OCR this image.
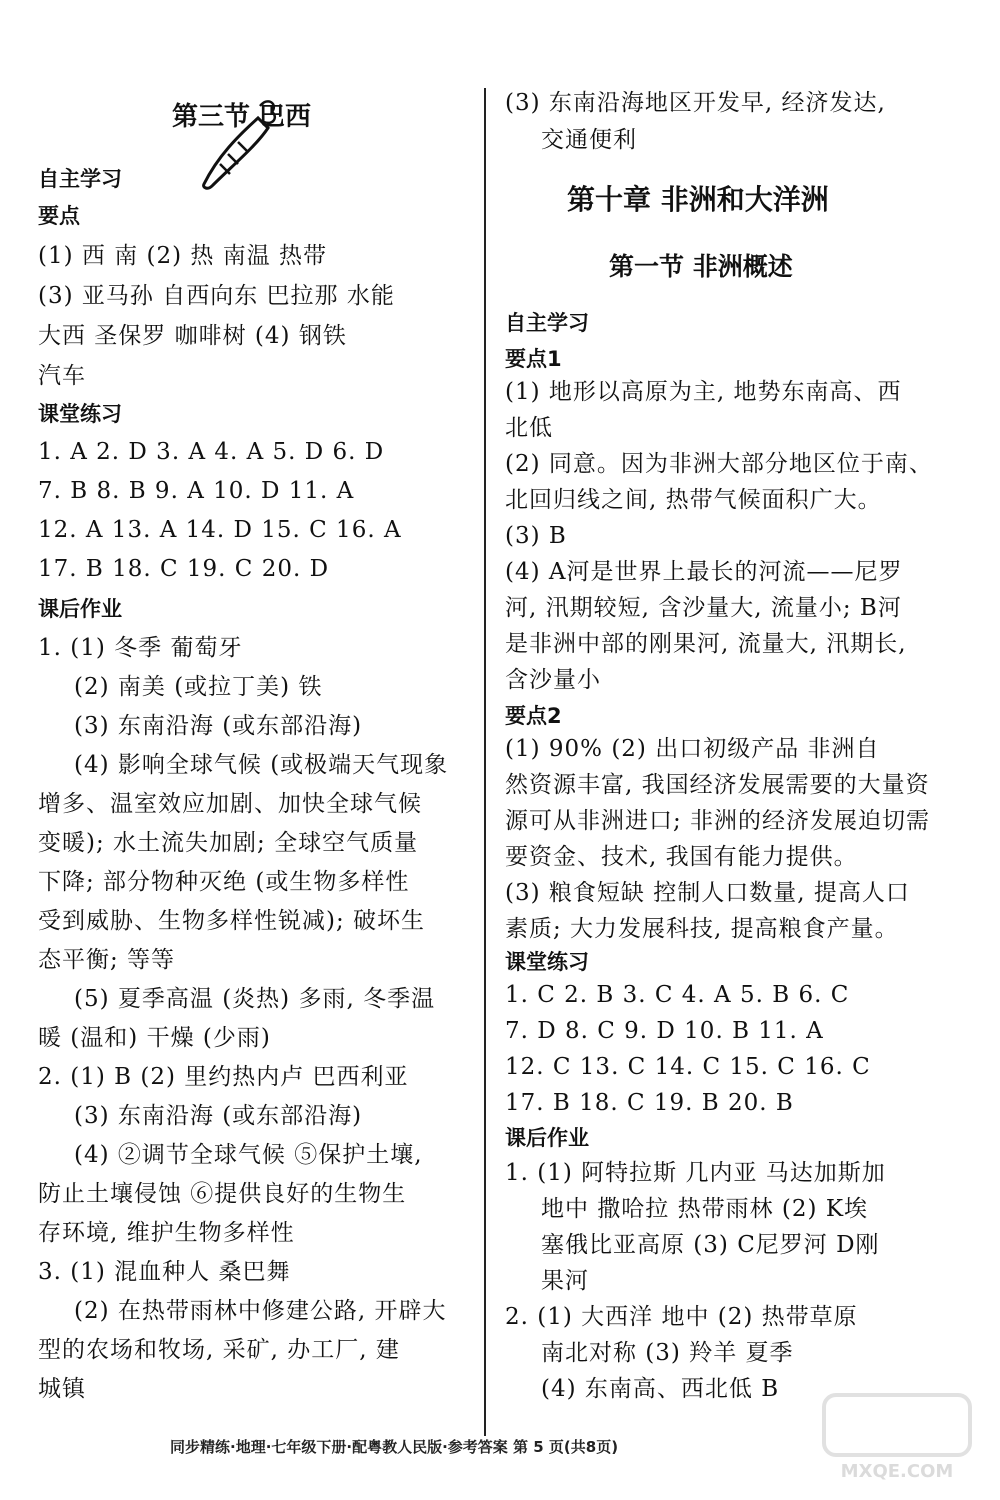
第三节 巴西
自主学习
要点
(1) 西 南 (2) 热 南温 热带
(3) 亚马孙 自西向东 巴拉那 水能
大西 圣保罗 咖啡树 (4) 钢铁
汽车
课堂练习
1. A 2. D 3. A 4. A 5. D 6. D
7. B 8. B 9. A 10. D 11. A
12. A 13. A 14. D 15. C 16. A
17. B 18. C 19. C 20. D
课后作业
1. (1) 冬季 葡萄牙
(2) 南美 (或拉丁美) 铁
(3) 东南沿海 (或东部沿海)
(4) 影响全球气候 (或极端天气现象
增多、温室效应加剧、加快全球气候
变暖); 水土流失加剧; 全球空气质量
下降; 部分物种灭绝 (或生物多样性
受到威胁、生物多样性锐减); 破坏生
态平衡; 等等
(5) 夏季高温 (炎热) 多雨, 冬季温
暖 (温和) 干燥 (少雨)
2. (1) B (2) 里约热内卢 巴西利亚
(3) 东南沿海 (或东部沿海)
(4) ②调节全球气候 ⑤保护土壤,
防止土壤侵蚀 ⑥提供良好的生物生
存环境, 维护生物多样性
3. (1) 混血种人 桑巴舞
(2) 在热带雨林中修建公路, 开辟大
型的农场和牧场, 采矿, 办工厂, 建
城镇
(3) 东南沿海地区开发早, 经济发达,
交通便利
第十章 非洲和大洋洲
第一节 非洲概述
自主学习
要点1
(1) 地形以高原为主, 地势东南高、西
北低
(2) 同意。因为非洲大部分地区位于南、
北回归线之间, 热带气候面积广大。
(3) B
(4) A河是世界上最长的河流——尼罗
河, 汛期较短, 含沙量大, 流量小; B河
是非洲中部的刚果河, 流量大, 汛期长,
含沙量小
要点2
(1) 90% (2) 出口初级产品 非洲自
然资源丰富, 我国经济发展需要的大量资
源可从非洲进口; 非洲的经济发展迫切需
要资金、技术, 我国有能力提供。
(3) 粮食短缺 控制人口数量, 提高人口
素质; 大力发展科技, 提高粮食产量。
课堂练习
1. C 2. B 3. C 4. A 5. B 6. C
7. D 8. C 9. D 10. B 11. A
12. C 13. C 14. C 15. C 16. C
17. B 18. C 19. B 20. B
课后作业
1. (1) 阿特拉斯 几内亚 马达加斯加
地中 撒哈拉 热带雨林 (2) K埃
塞俄比亚高原 (3) C尼罗河 D刚
果河
2. (1) 大西洋 地中 (2) 热带草原
南北对称 (3) 羚羊 夏季
(4) 东南高、西北低 B
同步精练·地理·七年级下册·配粤教人民版·参考答案 第 5 页(共8页)
MXQE.COM
